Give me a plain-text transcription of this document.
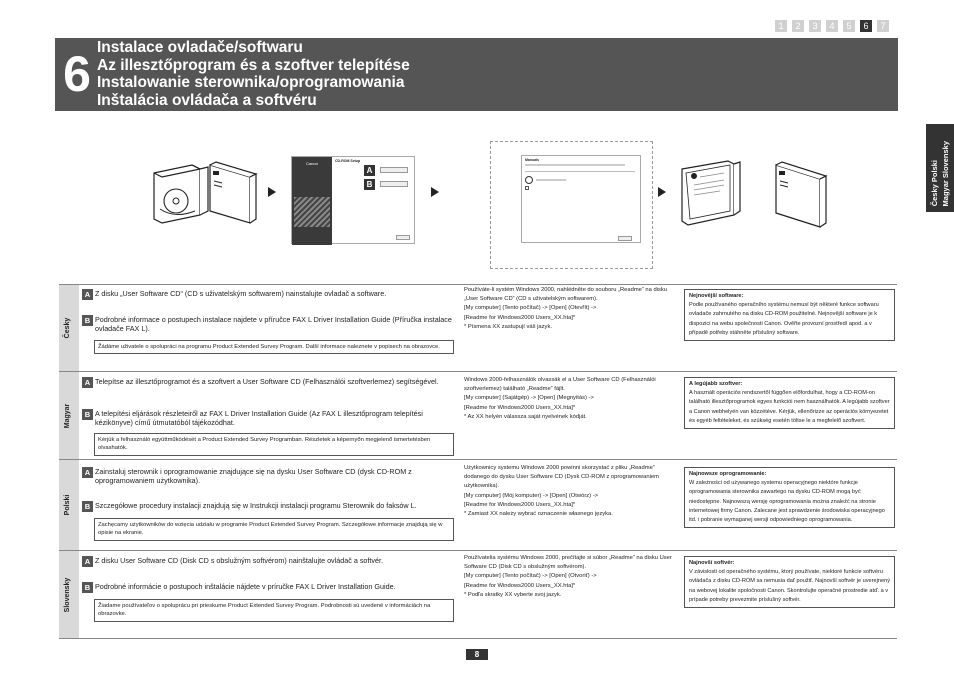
1	2	3	4	5	6	7
6 Instalace ovladače/softwaru
Az illesztőprogram és a szoftver telepítése
Instalowanie sterownika/oprogramowania
Inštalácia ovládača a softvéru
Česky Polski
Magyar Slovensky
Canon	CD-ROM Setup
A
B
Manuals
Česky
A Z disku „User Software CD“ (CD s uživatelským softwarem) nainstalujte ovladač a software.
B Podrobné informace o postupech instalace najdete v příručce FAX L Driver Installation Guide (Příručka instalace ovladače FAX L).
Žádáme uživatele o spolupráci na programu Product Extended Survey Program. Další informace naleznete v popisech na obrazovce.
Používáte-li systém Windows 2000, nahlédněte do souboru „Readme“ na disku „User Software CD“ (CD s uživatelským softwarem).
[My computer] (Tento počítač) -> [Open] (Otevřít) ->
[Readme for Windows2000 Users_XX.hta]*
* Písmena XX zastupují váš jazyk.
Nejnovější software:
Podle používaného operačního systému nemusí být některé funkce softwaru ovladače zahrnutého na disku CD-ROM použitelné. Nejnovější software je k dispozici na webu společnosti Canon. Ověřte provozní prostředí apod. a v případě potřeby stáhněte příslušný software.
Magyar
A Telepítse az illesztőprogramot és a szoftvert a User Software CD (Felhasználói szoftverlemez) segítségével.
B A telepítési eljárások részleteiről az FAX L Driver Installation Guide (Az FAX L illesztőprogram telepítési kézikönyve) című útmutatóból tájékozódhat.
Kérjük a felhasználó együttműködését a Product Extended Survey Programban. Részletek a képernyőn megjelenő ismertetésben olvashatók.
Windows 2000-felhasználók olvassák el a User Software CD (Felhasználói szoftverlemez) található „Readme” fájlt.
[My computer] (Sajátgép) -> [Open] (Megnyitás) ->
[Readme for Windows2000 Users_XX.hta]*
* Az XX helyén válassza saját nyelvének kódját.
A legújabb szoftver:
A használt operációs rendszertől függően előfordulhat, hogy a CD-ROM-on található illesztőprogramok egyes funkciói nem használhatók. A legújabb szoftver a Canon webhelyén van közzétéve. Kérjük, ellenőrizze az operációs környezetet és egyéb feltételeket, és szükség esetén töltse le a megfelelő szoftvert.
Polski
A Zainstaluj sterownik i oprogramowanie znajdujące się na dysku User Software CD (dysk CD-ROM z oprogramowaniem użytkownika).
B Szczegółowe procedury instalacji znajdują się w Instrukcji instalacji programu Sterownik do faksów L.
Zachęcamy użytkowników do wzięcia udziału w programie Product Extended Survey Program. Szczegółowe informacje znajdują się w opisie na ekranie.
Użytkownicy systemu Windows 2000 powinni skorzystać z pliku „Readme” dodanego do dysku User Software CD (Dysk CD-ROM z oprogramowaniem użytkownika).
[My computer] (Mój komputer) -> [Open] (Otwórz) ->
[Readme for Windows2000 Users_XX.hta]*
* Zamiast XX należy wybrać oznaczenie własnego języka.
Najnowsze oprogramowanie:
W zależności od używanego systemu operacyjnego niektóre funkcje oprogramowania sterownika zawartego na dysku CD-ROM mogą być niedostępne. Najnowszą wersję oprogramowania można znaleźć na stronie internetowej firmy Canon. Zalecane jest sprawdzenie środowiska operacyjnego itd. i pobranie wymaganej wersji odpowiedniego oprogramowania.
Slovensky
A Z disku User Software CD (Disk CD s obslužným softvérom) nainštalujte ovládač a softvér.
B Podrobné informácie o postupoch inštalácie nájdete v príručke FAX L Driver Installation Guide.
Žiadame používateľov o spoluprácu pri prieskume Product Extended Survey Program. Podrobnosti sú uvedené v informáciách na obrazovke.
Používatelia systému Windows 2000, prečítajte si súbor „Readme“ na disku User Software CD (Disk CD s obslužným softvérom).
[My computer] (Tento počítač) -> [Open] (Otvoriť) ->
[Readme for Windows2000 Users_XX.hta]*
* Podľa skratky XX vyberte svoj jazyk.
Najnovší softvér:
V závislosti od operačného systému, ktorý používate, niektoré funkcie softvéru ovládača z disku CD-ROM sa nemusia dať použiť. Najnovší softvér je uverejnený na webovej lokalite spoločnosti Canon. Skontrolujte operačné prostredie atď. a v prípade potreby prevezmite príslušný softvér.
8
